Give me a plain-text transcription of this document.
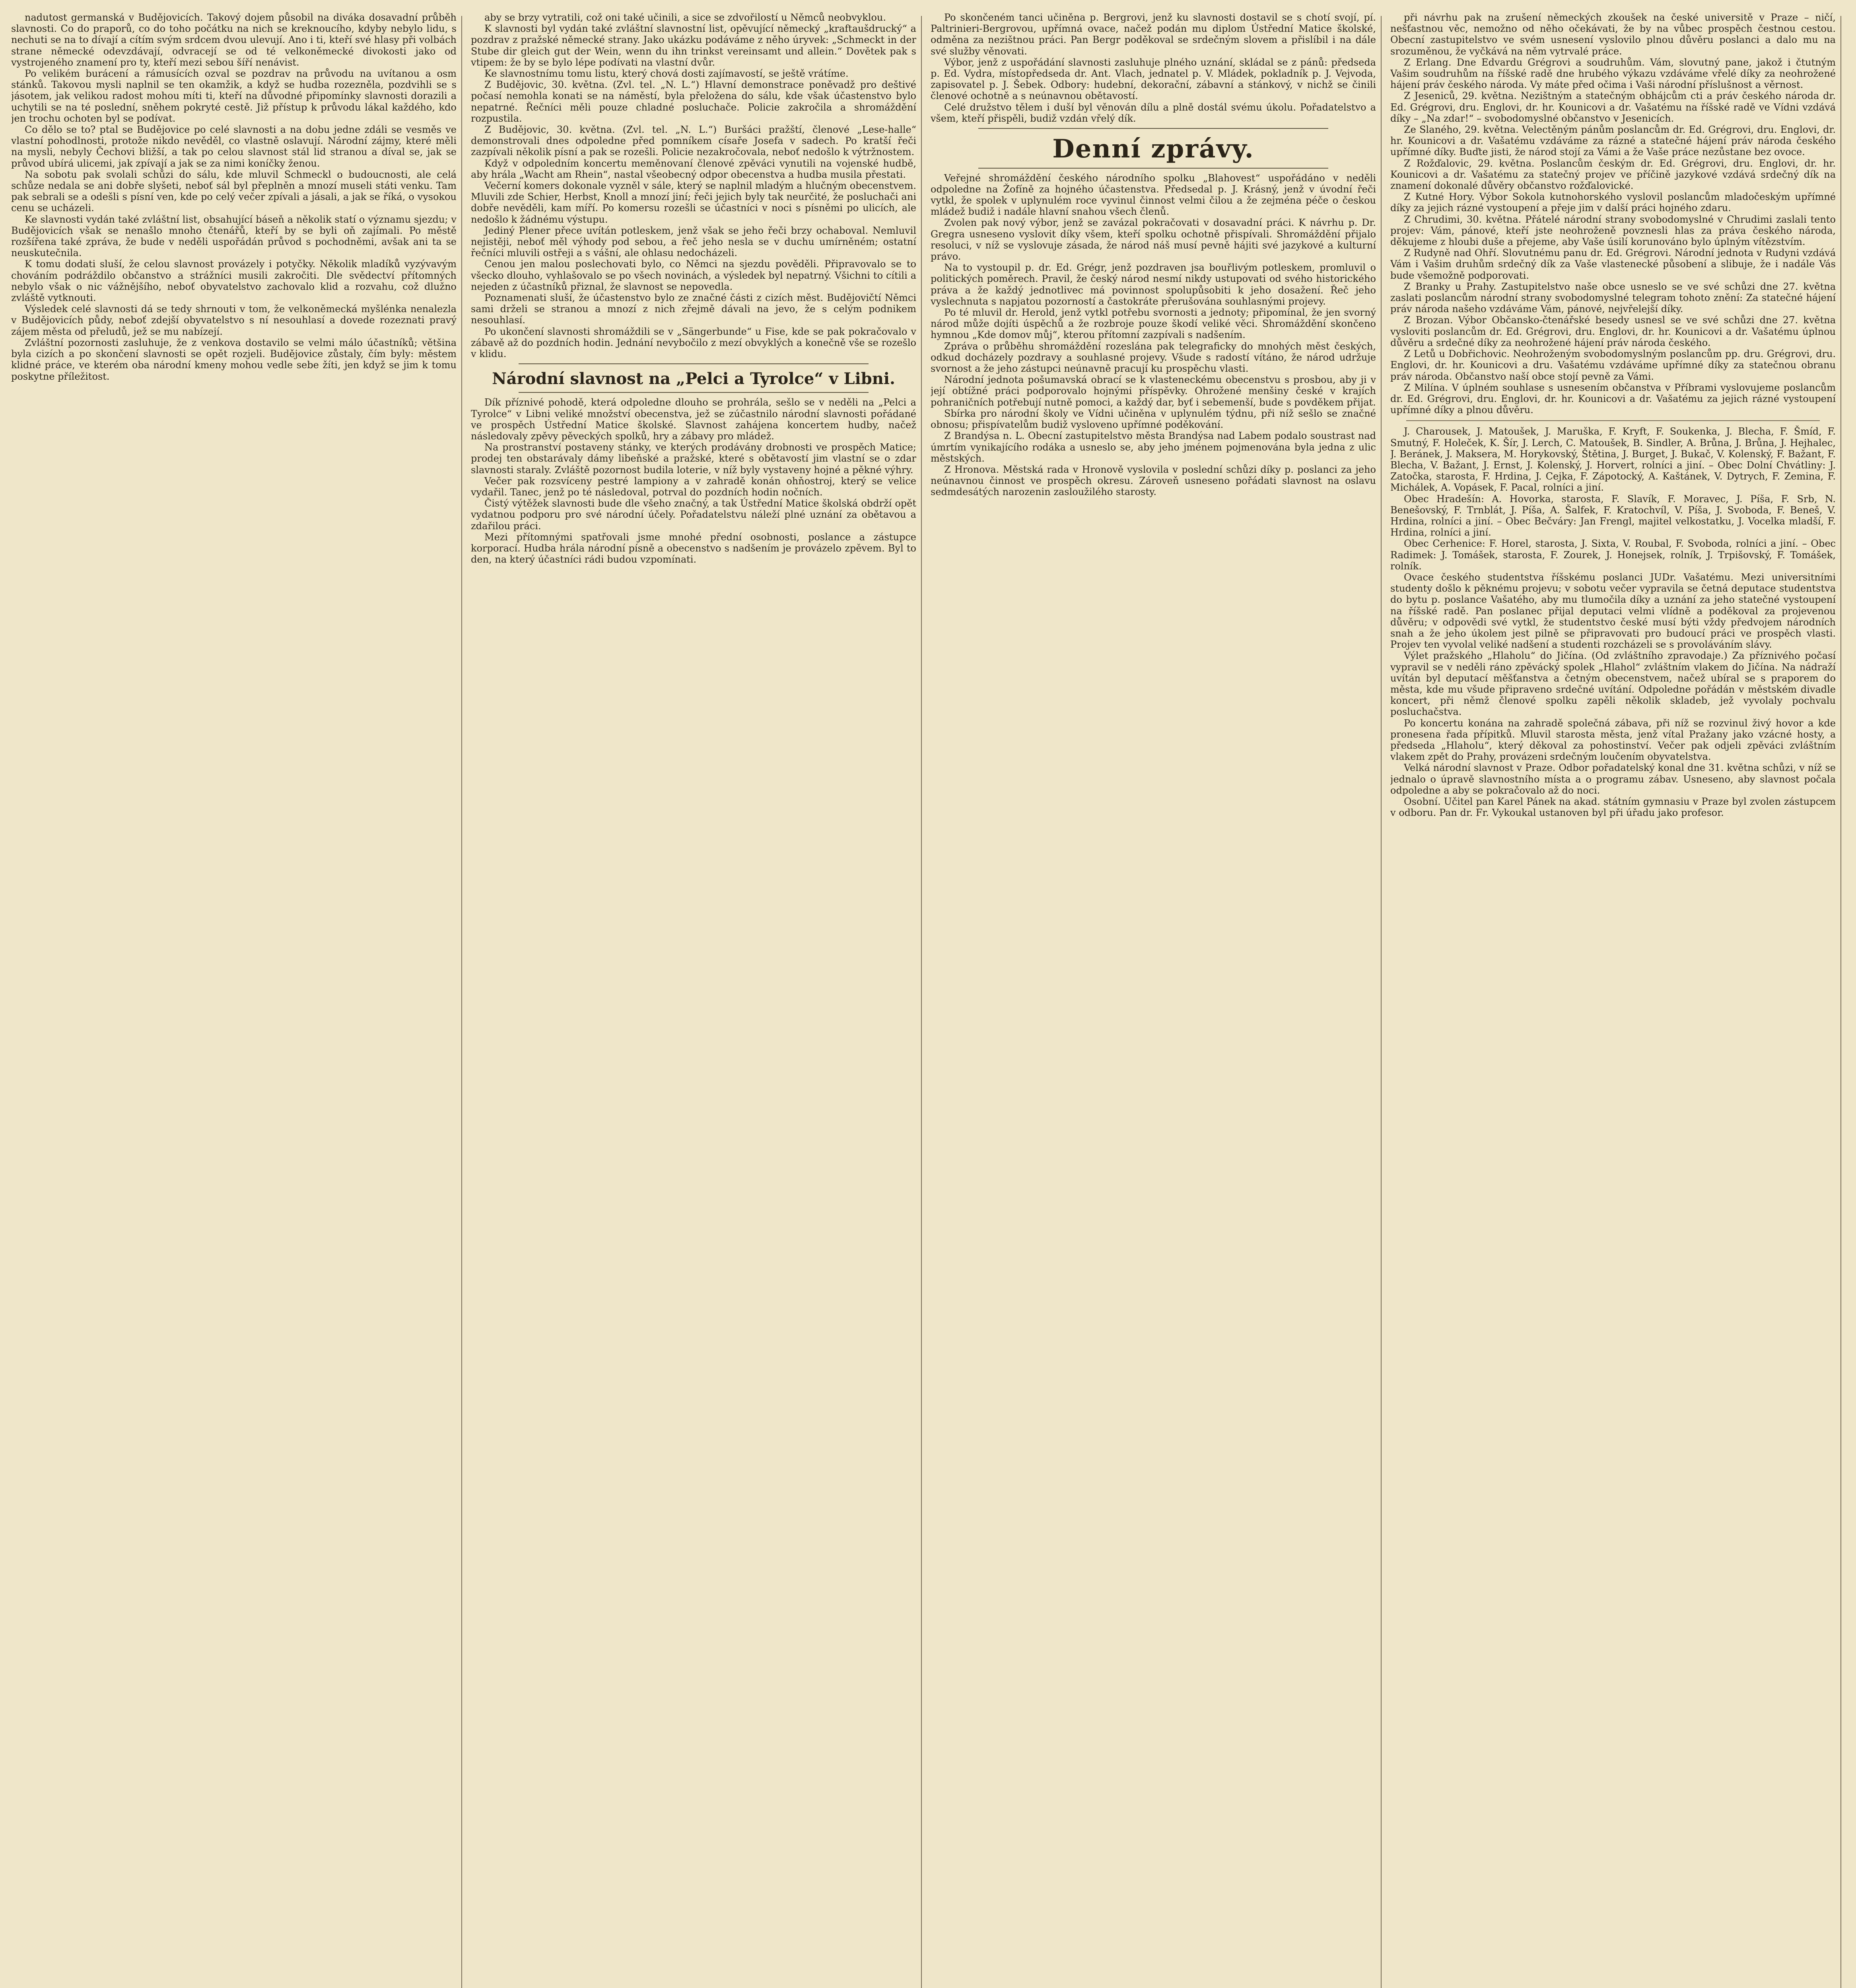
nadutost germanská v Budějovicích. Takový dojem působil na diváka dosavadní průběh slavnosti. Co do praporů, co do toho počátku na nich se kreknoucího, kdyby nebylo lidu, s nechuti se na to dívají a cítím svým srdcem dvou ulevují. Ano i ti, kteří své hlasy při volbách strane německé odevzdávají, odvracejí se od té velkoněmecké divokosti jako od vystrojeného znamení pro ty, kteří mezi sebou šíří nenávist.

Po velikém burácení a rámusících ozval se pozdrav na průvodu na uvítanou a osm stánků. Takovou mysli naplnil se ten okamžik, a když se hudba rozezněla, pozdvihli se s jásotem, jak velikou radost mohou míti ti, kteří na důvodné připomínky slavnosti dorazili a uchytili se na té poslední, sněhem pokryté cestě. Již přístup k průvodu lákal každého, kdo jen trochu ochoten byl se podívat.

Co dělo se to? ptal se Budějovice po celé slavnosti a na dobu jedne zdáli se vesměs ve vlastní pohodlnosti, protože nikdo nevěděl, co vlastně oslavují. Národní zájmy, které měli na mysli, nebyly Čechovi bližší, a tak po celou slavnost stál lid stranou a díval se, jak se průvod ubírá ulicemi, jak zpívají a jak se za nimi koníčky ženou.

Na sobotu pak svolali schůzi do sálu, kde mluvil Schmeckl o budoucnosti, ale celá schůze nedala se ani dobře slyšeti, neboť sál byl přeplněn a mnozí museli státi venku. Tam pak sebrali se a odešli s písní ven, kde po celý večer zpívali a jásali, a jak se říká, o vysokou cenu se ucházeli.

Ke slavnosti vydán také zvláštní list, obsahující báseň a několik statí o významu sjezdu; v Budějovicích však se nenašlo mnoho čtenářů, kteří by se byli oň zajímali. Po městě rozšířena také zpráva, že bude v neděli uspořádán průvod s pochodněmi, avšak ani ta se neuskutečnila.

K tomu dodati sluší, že celou slavnost provázely i potyčky. Několik mladíků vyzývavým chováním podráždilo občanstvo a strážníci musili zakročiti. Dle svědectví přítomných nebylo však o nic vážnějšího, neboť obyvatelstvo zachovalo klid a rozvahu, což dlužno zvláště vytknouti.

Výsledek celé slavnosti dá se tedy shrnouti v tom, že velkoněmecká myšlénka nenalezla v Budějovicích půdy, neboť zdejší obyvatelstvo s ní nesouhlasí a dovede rozeznati pravý zájem města od přeludů, jež se mu nabízejí.

Zvláštní pozornosti zasluhuje, že z venkova dostavilo se velmi málo účastníků; většina byla cizích a po skončení slavnosti se opět rozjeli. Budějovice zůstaly, čím byly: městem klidné práce, ve kterém oba národní kmeny mohou vedle sebe žíti, jen když se jim k tomu poskytne příležitost.

aby se brzy vytratili, což oni také učinili, a sice se zdvořilostí u Němců neobvyklou.

K slavnosti byl vydán také zvláštní slavnostní list, opěvující německý „kraftaušdrucký“ a pozdrav z pražské německé strany. Jako ukázku podáváme z něho úryvek: „Schmeckt in der Stube dir gleich gut der Wein, wenn du ihn trinkst vereinsamt und allein.“ Dovětek pak s vtipem: že by se bylo lépe podívati na vlastní dvůr.

Ke slavnostnímu tomu listu, který chová dosti zajímavostí, se ještě vrátíme.

Z Budějovic, 30. května. (Zvl. tel. „N. L.“) Hlavní demonstrace poněvadž pro deštivé počasí nemohla konati se na náměstí, byla přeložena do sálu, kde však účastenstvo bylo nepatrné. Řečníci měli pouze chladné posluchače. Policie zakročila a shromáždění rozpustila.

Z Budějovic, 30. května. (Zvl. tel. „N. L.“) Buršáci pražští, členové „Lese-halle“ demonstrovali dnes odpoledne před pomníkem císaře Josefa v sadech. Po kratší řeči zazpívali několik písní a pak se rozešli. Policie nezakročovala, neboť nedošlo k výtržnostem.

Když v odpoledním koncertu meměnovaní členové zpěváci vynutili na vojenské hudbě, aby hrála „Wacht am Rhein“, nastal všeobecný odpor obecenstva a hudba musila přestati.

Večerní komers dokonale vyzněl v sále, který se naplnil mladým a hlučným obecenstvem. Mluvili zde Schier, Herbst, Knoll a mnozí jiní; řeči jejich byly tak neurčité, že posluchači ani dobře nevěděli, kam míří. Po komersu rozešli se účastníci v noci s písněmi po ulicích, ale nedošlo k žádnému výstupu.

Jediný Plener přece uvítán potleskem, jenž však se jeho řeči brzy ochaboval. Nemluvil nejistěji, neboť měl výhody pod sebou, a řeč jeho nesla se v duchu umírněném; ostatní řečníci mluvili ostřeji a s vášní, ale ohlasu nedocházeli.

Cenou jen malou poslechovati bylo, co Němci na sjezdu pověděli. Připravovalo se to všecko dlouho, vyhlašovalo se po všech novinách, a výsledek byl nepatrný. Všichni to cítili a nejeden z účastníků přiznal, že slavnost se nepovedla.

Poznamenati sluší, že účastenstvo bylo ze značné části z cizích měst. Budějovičtí Němci sami drželi se stranou a mnozí z nich zřejmě dávali na jevo, že s celým podnikem nesouhlasí.

Po ukončení slavnosti shromáždili se v „Sängerbunde“ u Fise, kde se pak pokračovalo v zábavě až do pozdních hodin. Jednání nevybočilo z mezí obvyklých a konečně vše se rozešlo v klidu.

Národní slavnost na „Pelci a Tyrolce“ v Libni.

Dík příznivé pohodě, která odpoledne dlouho se prohrála, sešlo se v neděli na „Pelci a Tyrolce“ v Libni veliké množství obecenstva, jež se zúčastnilo národní slavnosti pořádané ve prospěch Ústřední Matice školské. Slavnost zahájena koncertem hudby, načež následovaly zpěvy pěveckých spolků, hry a zábavy pro mládež.

Na prostranství postaveny stánky, ve kterých prodávány drobnosti ve prospěch Matice; prodej ten obstarávaly dámy libeňské a pražské, které s obětavostí jim vlastní se o zdar slavnosti staraly. Zvláště pozornost budila loterie, v níž byly vystaveny hojné a pěkné výhry.

Večer pak rozsvíceny pestré lampiony a v zahradě konán ohňostroj, který se velice vydařil. Tanec, jenž po té následoval, potrval do pozdních hodin nočních.

Čistý výtěžek slavnosti bude dle všeho značný, a tak Ústřední Matice školská obdrží opět vydatnou podporu pro své národní účely. Pořadatelstvu náleží plné uznání za obětavou a zdařilou práci.

Mezi přítomnými spatřovali jsme mnohé přední osobnosti, poslance a zástupce korporací. Hudba hrála národní písně a obecenstvo s nadšením je provázelo zpěvem. Byl to den, na který účastníci rádi budou vzpomínati.

Po skončeném tanci učiněna p. Bergrovi, jenž ku slavnosti dostavil se s chotí svojí, pí. Paltrinieri-Bergrovou, upřímná ovace, načež podán mu diplom Ústřední Matice školské, odměna za nezištnou práci. Pan Bergr poděkoval se srdečným slovem a přislíbil i na dále své služby věnovati.

Výbor, jenž z uspořádání slavnosti zasluhuje plného uznání, skládal se z pánů: předseda p. Ed. Vydra, místopředseda dr. Ant. Vlach, jednatel p. V. Mládek, pokladník p. J. Vejvoda, zapisovatel p. J. Šebek. Odbory: hudební, dekorační, zábavní a stánkový, v nichž se činili členové ochotně a s neúnavnou obětavostí.

Celé družstvo tělem i duší byl věnován dílu a plně dostál svému úkolu. Pořadatelstvo a všem, kteří přispěli, budiž vzdán vřelý dík.

Denní zprávy.

Veřejné shromáždění českého národního spolku „Blahovest“ uspořádáno v neděli odpoledne na Žofíně za hojného účastenstva. Předsedal p. J. Krásný, jenž v úvodní řeči vytkl, že spolek v uplynulém roce vyvinul činnost velmi čilou a že zejména péče o českou mládež budiž i nadále hlavní snahou všech členů.

Zvolen pak nový výbor, jenž se zavázal pokračovati v dosavadní práci. K návrhu p. Dr. Gregra usneseno vyslovit díky všem, kteří spolku ochotně přispívali. Shromáždění přijalo resoluci, v níž se vyslovuje zásada, že národ náš musí pevně hájiti své jazykové a kulturní právo.

Na to vystoupil p. dr. Ed. Grégr, jenž pozdraven jsa bouřlivým potleskem, promluvil o politických poměrech. Pravil, že český národ nesmí nikdy ustupovati od svého historického práva a že každý jednotlivec má povinnost spolupůsobiti k jeho dosažení. Řeč jeho vyslechnuta s napjatou pozorností a častokráte přerušována souhlasnými projevy.

Po té mluvil dr. Herold, jenž vytkl potřebu svornosti a jednoty; připomínal, že jen svorný národ může dojíti úspěchů a že rozbroje pouze škodí veliké věci. Shromáždění skončeno hymnou „Kde domov můj“, kterou přítomní zazpívali s nadšením.

Zpráva o průběhu shromáždění rozeslána pak telegraficky do mnohých měst českých, odkud docházely pozdravy a souhlasné projevy. Všude s radostí vítáno, že národ udržuje svornost a že jeho zástupci neúnavně pracují ku prospěchu vlasti.

Národní jednota pošumavská obrací se k vlasteneckému obecenstvu s prosbou, aby ji v její obtížné práci podporovalo hojnými příspěvky. Ohrožené menšiny české v krajích pohraničních potřebují nutně pomoci, a každý dar, byť i sebemenší, bude s povděkem přijat.

Sbírka pro národní školy ve Vídni učiněna v uplynulém týdnu, při níž sešlo se značné obnosu; přispívatelům budiž vysloveno upřímné poděkování.

Z Brandýsa n. L. Obecní zastupitelstvo města Brandýsa nad Labem podalo soustrast nad úmrtím vynikajícího rodáka a usneslo se, aby jeho jménem pojmenována byla jedna z ulic městských.

Z Hronova. Městská rada v Hronově vyslovila v poslední schůzi díky p. poslanci za jeho neúnavnou činnost ve prospěch okresu. Zároveň usneseno pořádati slavnost na oslavu sedmdesátých narozenin zasloužilého starosty.

při návrhu pak na zrušení německých zkoušek na české universitě v Praze – ničí, nešťastnou věc, nemožno od něho očekávati, že by na vůbec prospěch čestnou cestou. Obecní zastupitelstvo ve svém usnesení vyslovilo plnou důvěru poslanci a dalo mu na srozuměnou, že vyčkává na něm vytrvalé práce.

Z Erlang. Dne Edvardu Grégrovi a soudruhům. Vám, slovutný pane, jakož i čtutným Vašim soudruhům na říšské radě dne hrubého výkazu vzdáváme vřelé díky za neohrožené hájení práv českého národa. Vy máte před očima i Vaši národní příslušnost a věrnost.

Z Jeseniců, 29. května. Nezištným a statečným obhájcům cti a práv českého národa dr. Ed. Grégrovi, dru. Englovi, dr. hr. Kounicovi a dr. Vašatému na říšské radě ve Vídni vzdává díky – „Na zdar!“ – svobodomyslné občanstvo v Jesenicích.

Ze Slaného, 29. května. Velectěným pánům poslancům dr. Ed. Grégrovi, dru. Englovi, dr. hr. Kounicovi a dr. Vašatému vzdáváme za rázné a statečné hájení práv národa českého upřímné díky. Buďte jisti, že národ stojí za Vámi a že Vaše práce nezůstane bez ovoce.

Z Rožďalovic, 29. května. Poslancům českým dr. Ed. Grégrovi, dru. Englovi, dr. hr. Kounicovi a dr. Vašatému za statečný projev ve příčině jazykové vzdává srdečný dík na znamení dokonalé důvěry občanstvo rožďalovické.

Z Kutné Hory. Výbor Sokola kutnohorského vyslovil poslancům mladočeským upřímné díky za jejich rázné vystoupení a přeje jim v další práci hojného zdaru.

Z Chrudimi, 30. května. Přátelé národní strany svobodomyslné v Chrudimi zaslali tento projev: Vám, pánové, kteří jste neohroženě povznesli hlas za práva českého národa, děkujeme z hloubi duše a přejeme, aby Vaše úsilí korunováno bylo úplným vítězstvím.

Z Rudyně nad Ohří. Slovutnému panu dr. Ed. Grégrovi. Národní jednota v Rudyni vzdává Vám i Vašim druhům srdečný dík za Vaše vlastenecké působení a slibuje, že i nadále Vás bude všemožně podporovati.

Z Branky u Prahy. Zastupitelstvo naše obce usneslo se ve své schůzi dne 27. května zaslati poslancům národní strany svobodomyslné telegram tohoto znění: Za statečné hájení práv národa našeho vzdáváme Vám, pánové, nejvřelejší díky.

Z Brozan. Výbor Občansko-čtenářské besedy usnesl se ve své schůzi dne 27. května vysloviti poslancům dr. Ed. Grégrovi, dru. Englovi, dr. hr. Kounicovi a dr. Vašatému úplnou důvěru a srdečné díky za neohrožené hájení práv národa českého.

Z Letů u Dobřichovic. Neohroženým svobodomyslným poslancům pp. dru. Grégrovi, dru. Englovi, dr. hr. Kounicovi a dru. Vašatému vzdáváme upřímné díky za statečnou obranu práv národa. Občanstvo naší obce stojí pevně za Vámi.

Z Milína. V úplném souhlase s usnesením občanstva v Příbrami vyslovujeme poslancům dr. Ed. Grégrovi, dru. Englovi, dr. hr. Kounicovi a dr. Vašatému za jejich rázné vystoupení upřímné díky a plnou důvěru.

J. Charousek, J. Matoušek, J. Maruška, F. Kryft, F. Soukenka, J. Blecha, F. Šmíd, F. Smutný, F. Holeček, K. Šír, J. Lerch, C. Matoušek, B. Sindler, A. Brůna, J. Brůna, J. Hejhalec, J. Beránek, J. Maksera, M. Horykovský, Štětina, J. Burget, J. Bukač, V. Kolenský, F. Bažant, F. Blecha, V. Bažant, J. Ernst, J. Kolenský, J. Horvert, rolníci a jiní. – Obec Dolní Chvátliny: J. Zatočka, starosta, F. Hrdina, J. Cejka, F. Zápotocký, A. Kaštánek, V. Dytrych, F. Zemina, F. Michálek, A. Vopásek, F. Pacal, rolníci a jiní.

Obec Hradešín: A. Hovorka, starosta, F. Slavík, F. Moravec, J. Píša, F. Srb, N. Benešovský, F. Trnblát, J. Píša, A. Šalfek, F. Kratochvíl, V. Píša, J. Svoboda, F. Beneš, V. Hrdina, rolníci a jiní. – Obec Bečváry: Jan Frengl, majitel velkostatku, J. Vocelka mladší, F. Hrdina, rolníci a jiní.

Obec Cerhenice: F. Horel, starosta, J. Sixta, V. Roubal, F. Svoboda, rolníci a jiní. – Obec Radimek: J. Tomášek, starosta, F. Zourek, J. Honejsek, rolník, J. Trpišovský, F. Tomášek, rolník.

Ovace českého studentstva říšskému poslanci JUDr. Vašatému. Mezi universitními studenty došlo k pěknému projevu; v sobotu večer vypravila se četná deputace studentstva do bytu p. poslance Vašatého, aby mu tlumočila díky a uznání za jeho statečné vystoupení na říšské radě. Pan poslanec přijal deputaci velmi vlídně a poděkoval za projevenou důvěru; v odpovědi své vytkl, že studentstvo české musí býti vždy předvojem národních snah a že jeho úkolem jest pilně se připravovati pro budoucí práci ve prospěch vlasti. Projev ten vyvolal veliké nadšení a studenti rozcházeli se s provoláváním slávy.

Výlet pražského „Hlaholu“ do Jičína. (Od zvláštního zpravodaje.) Za příznivého počasí vypravil se v neděli ráno zpěvácký spolek „Hlahol“ zvláštním vlakem do Jičína. Na nádraží uvítán byl deputací měšťanstva a četným obecenstvem, načež ubíral se s praporem do města, kde mu všude připraveno srdečné uvítání. Odpoledne pořádán v městském divadle koncert, při němž členové spolku zapěli několik skladeb, jež vyvolaly pochvalu posluchačstva.

Po koncertu konána na zahradě společná zábava, při níž se rozvinul živý hovor a kde pronesena řada přípitků. Mluvil starosta města, jenž vítal Pražany jako vzácné hosty, a předseda „Hlaholu“, který děkoval za pohostinství. Večer pak odjeli zpěváci zvláštním vlakem zpět do Prahy, provázeni srdečným loučením obyvatelstva.

Velká národní slavnost v Praze. Odbor pořadatelský konal dne 31. května schůzi, v níž se jednalo o úpravě slavnostního místa a o programu zábav. Usneseno, aby slavnost počala odpoledne a aby se pokračovalo až do noci.

Osobní. Učitel pan Karel Pánek na akad. státním gymnasiu v Praze byl zvolen zástupcem v odboru. Pan dr. Fr. Vykoukal ustanoven byl při úřadu jako profesor.
